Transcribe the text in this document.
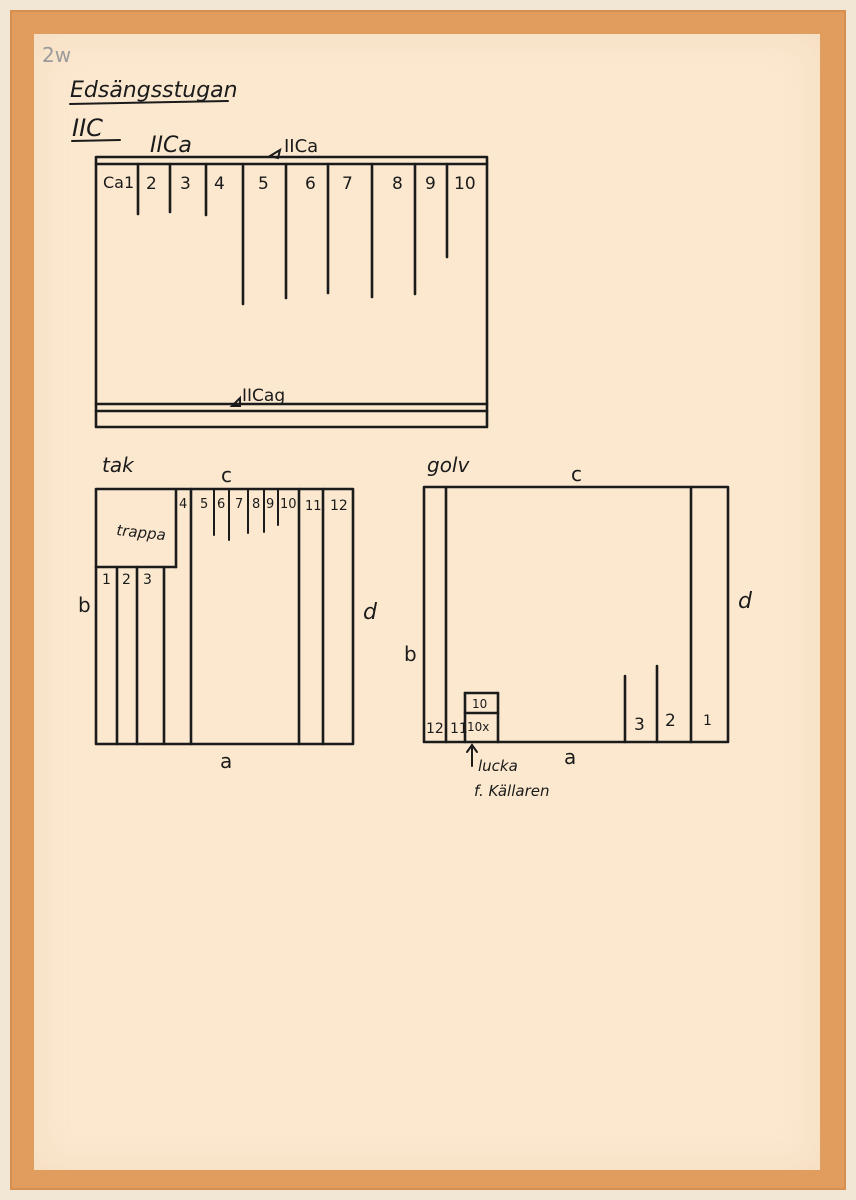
2w
Edsängsstugan
IIC
IICa	IICa
Ca1 2 3 4 5 6 7 8 9 10
IICag
tak	c
b	d
a
trappa
1 2 3
4 5 6 7 8 9 10 11 12
golv	c
b
d
a
12 11
10
10x	3 2 1
lucka
f. Källaren
